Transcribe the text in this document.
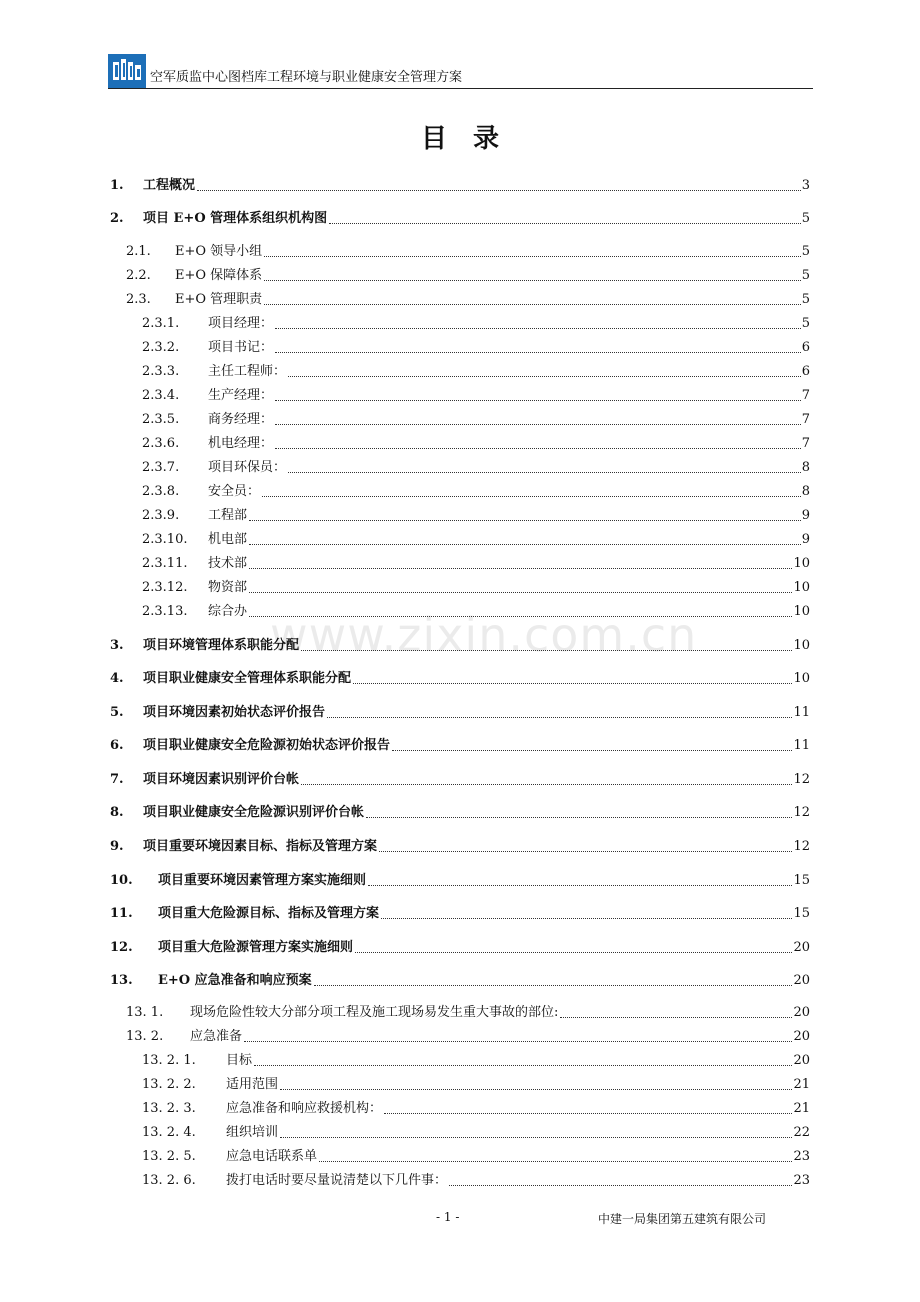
空军质监中心图档库工程环境与职业健康安全管理方案
目录
www.zixin.com.cn
1.	工程概况	3
2.	项目 E+O 管理体系组织机构图	5
2.1.	E+O 领导小组	5
2.2.	E+O 保障体系	5
2.3.	E+O 管理职责	5
2.3.1.	项目经理：	5
2.3.2.	项目书记：	6
2.3.3.	主任工程师：	6
2.3.4.	生产经理：	7
2.3.5.	商务经理：	7
2.3.6.	机电经理：	7
2.3.7.	项目环保员：	8
2.3.8.	安全员：	8
2.3.9.	工程部	9
2.3.10.	机电部	9
2.3.11.	技术部	10
2.3.12.	物资部	10
2.3.13.	综合办	10
3.	项目环境管理体系职能分配	10
4.	项目职业健康安全管理体系职能分配	10
5.	项目环境因素初始状态评价报告	11
6.	项目职业健康安全危险源初始状态评价报告	11
7.	项目环境因素识别评价台帐	12
8.	项目职业健康安全危险源识别评价台帐	12
9.	项目重要环境因素目标、指标及管理方案	12
10.	项目重要环境因素管理方案实施细则	15
11.	项目重大危险源目标、指标及管理方案	15
12.	项目重大危险源管理方案实施细则	20
13.	E+O 应急准备和响应预案	20
13. 1.	现场危险性较大分部分项工程及施工现场易发生重大事故的部位:	20
13. 2.	应急准备	20
13. 2. 1.	目标	20
13. 2. 2.	适用范围	21
13. 2. 3.	应急准备和响应救援机构：	21
13. 2. 4.	组织培训	22
13. 2. 5.	应急电话联系单	23
13. 2. 6.	拨打电话时要尽量说清楚以下几件事：	23
- 1 -	中建一局集团第五建筑有限公司
